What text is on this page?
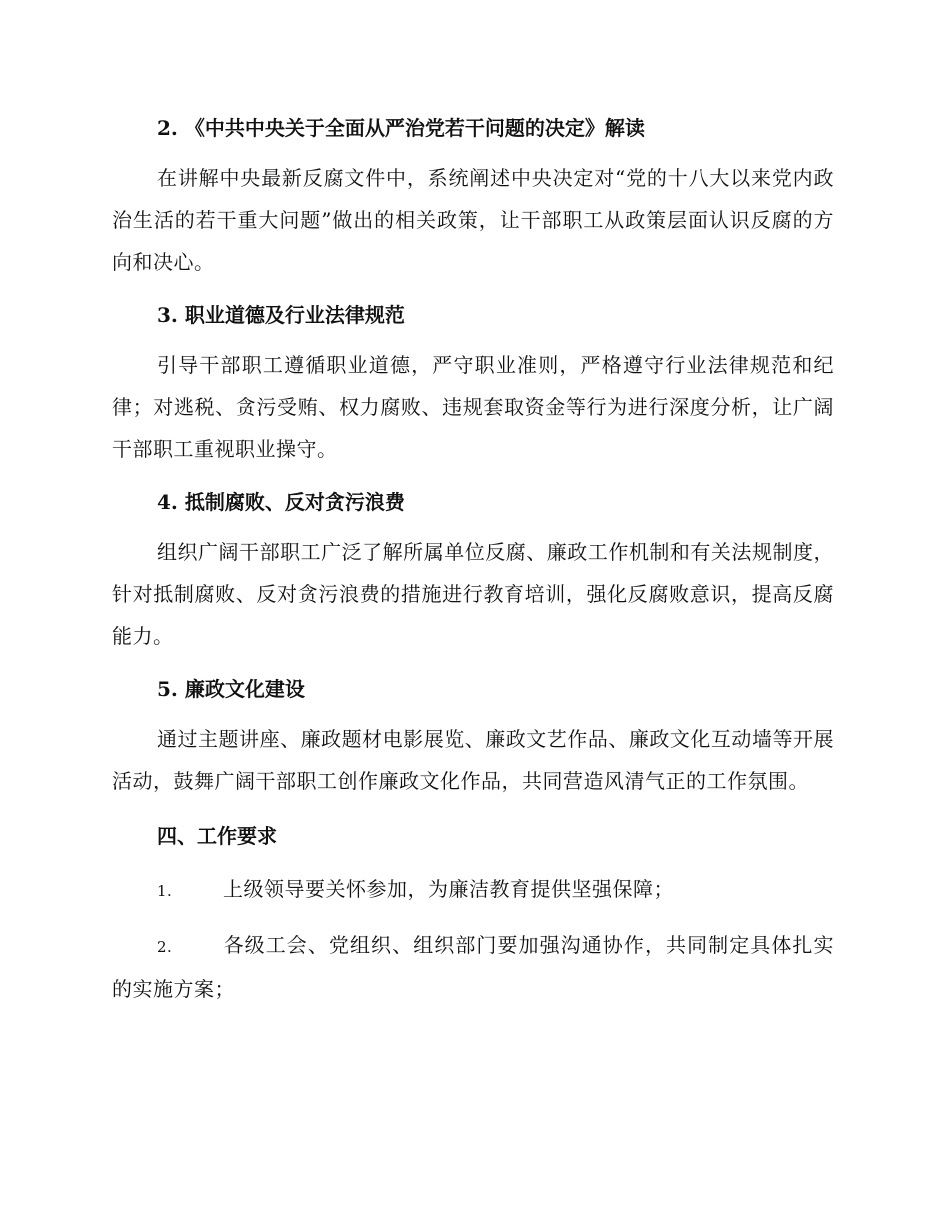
2. 《中共中央关于全面从严治党若干问题的决定》解读

在讲解中央最新反腐文件中，系统阐述中央决定对“党的十八大以来党内政治生活的若干重大问题”做出的相关政策，让干部职工从政策层面认识反腐的方向和决心。

3. 职业道德及行业法律规范

引导干部职工遵循职业道德，严守职业准则，严格遵守行业法律规范和纪律；对逃税、贪污受贿、权力腐败、违规套取资金等行为进行深度分析，让广阔干部职工重视职业操守。

4. 抵制腐败、反对贪污浪费

组织广阔干部职工广泛了解所属单位反腐、廉政工作机制和有关法规制度，针对抵制腐败、反对贪污浪费的措施进行教育培训，强化反腐败意识，提高反腐能力。

5. 廉政文化建设

通过主题讲座、廉政题材电影展览、廉政文艺作品、廉政文化互动墙等开展活动，鼓舞广阔干部职工创作廉政文化作品，共同营造风清气正的工作氛围。

四、工作要求

1.	上级领导要关怀参加，为廉洁教育提供坚强保障；

2.	各级工会、党组织、组织部门要加强沟通协作，共同制定具体扎实的实施方案；
